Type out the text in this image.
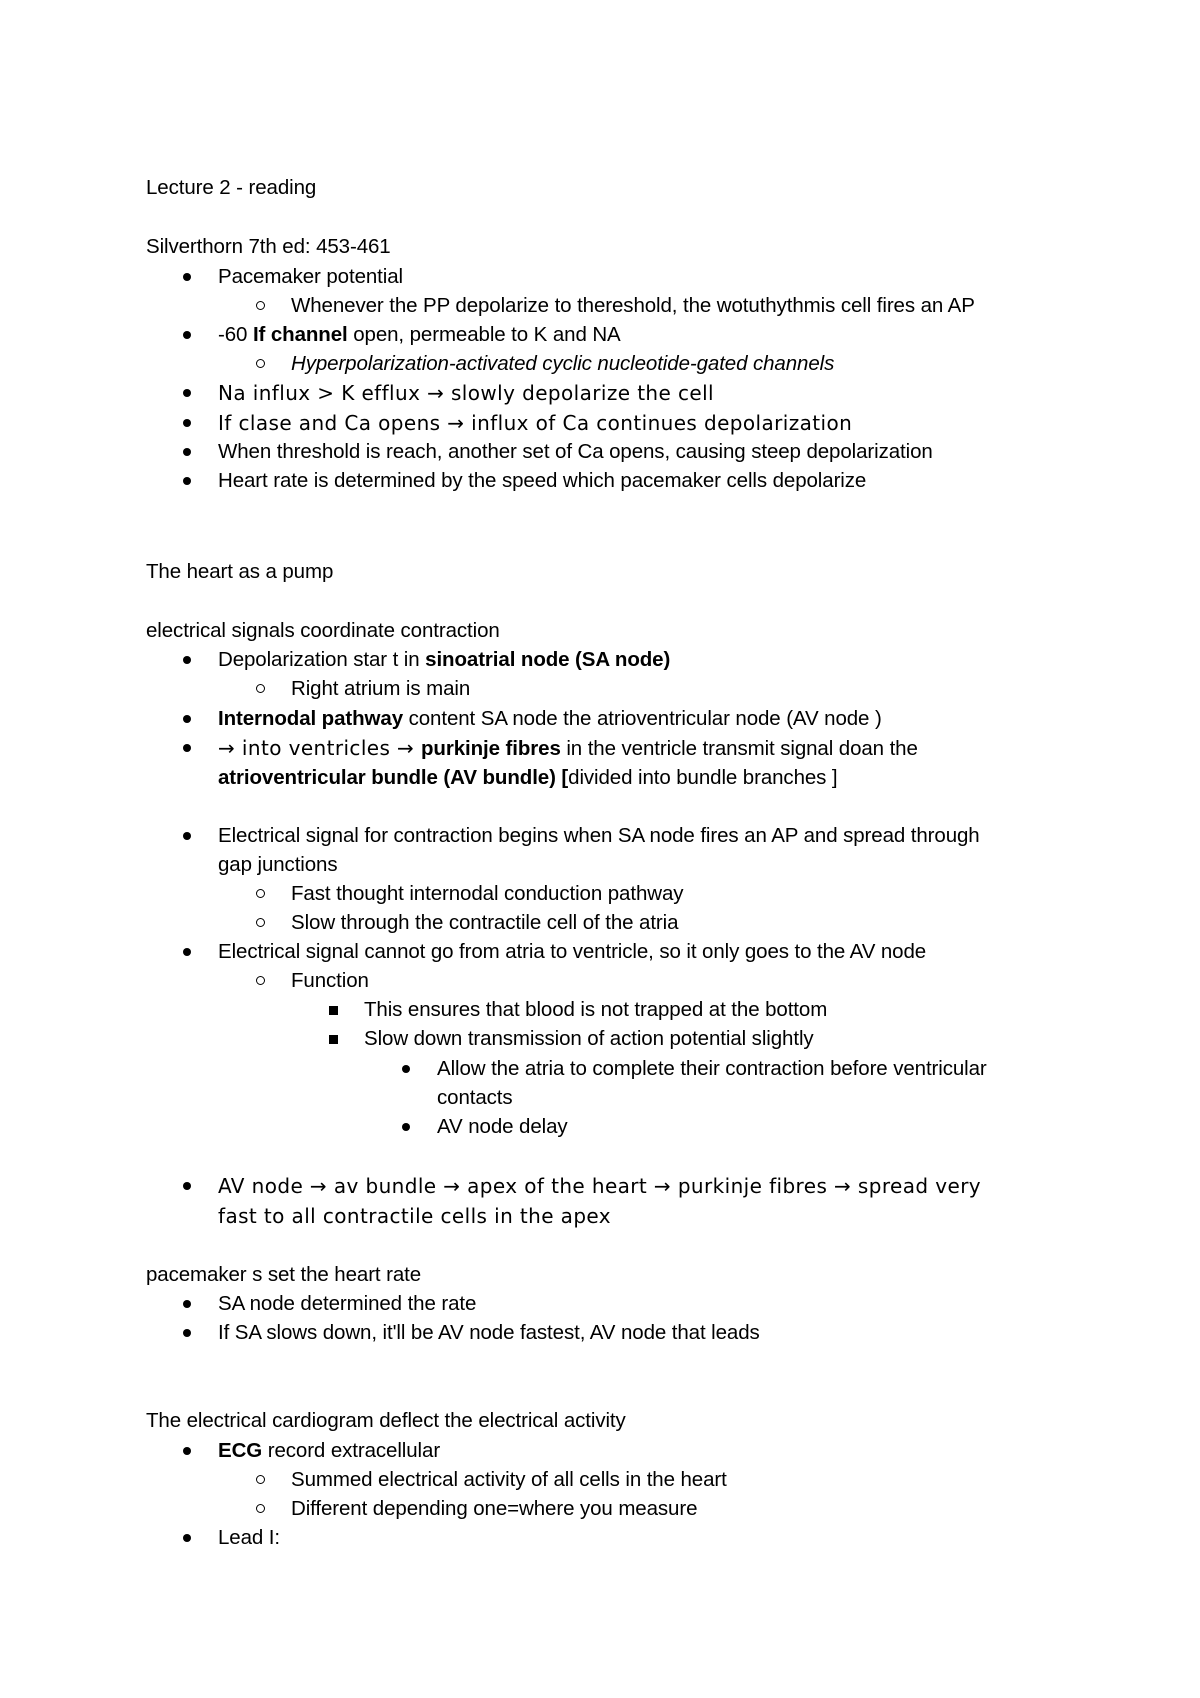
Lecture 2 - reading
Silverthorn 7th ed: 453-461
Pacemaker potential
Whenever the PP depolarize to thereshold, the wotuthythmis cell fires an AP
-60 If channel open, permeable to K and NA
Hyperpolarization-activated cyclic nucleotide-gated channels
Na influx > K efflux → slowly depolarize the cell
If clase and Ca opens → influx of Ca continues depolarization
When threshold is reach, another set of Ca opens, causing steep depolarization
Heart rate is determined by the speed which pacemaker cells depolarize
The heart as a pump
electrical signals coordinate contraction
Depolarization star t in sinoatrial node (SA node)
Right atrium is main
Internodal pathway content SA node the atrioventricular node (AV node )
→ into ventricles → purkinje fibres in the ventricle transmit signal doan the
atrioventricular bundle (AV bundle) [divided into bundle branches ]
Electrical signal for contraction begins when SA node fires an AP and spread through
gap junctions
Fast thought internodal conduction pathway
Slow through the contractile cell of the atria
Electrical signal cannot go from atria to ventricle, so it only goes to the AV node
Function
This ensures that blood is not trapped at the bottom
Slow down transmission of action potential slightly
Allow the atria to complete their contraction before ventricular
contacts
AV node delay
AV node → av bundle → apex of the heart → purkinje fibres → spread very
fast to all contractile cells in the apex
pacemaker s set the heart rate
SA node determined the rate
If SA slows down, it'll be AV node fastest, AV node that leads
The electrical cardiogram deflect the electrical activity
ECG record extracellular
Summed electrical activity of all cells in the heart
Different depending one=where you measure
Lead I:
